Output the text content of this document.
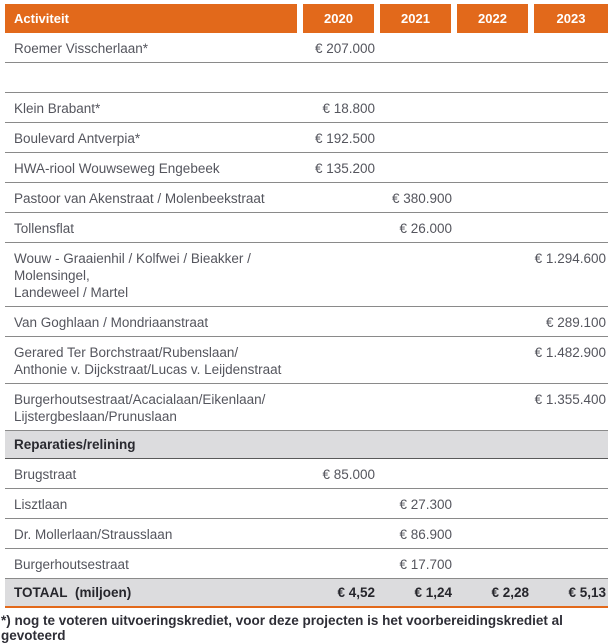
Activiteit	2020	2021	2022	2023
Roemer Visscherlaan*	€ 207.000			

Klein Brabant*	€ 18.800			
Boulevard Antverpia*	€ 192.500			
HWA-riool Wouwseweg Engebeek	€ 135.200			
Pastoor van Akenstraat / Molenbeekstraat		€ 380.900		
Tollensflat		€ 26.000		
Wouw - Graaienhil / Kolfwei / Bieakker / Molensingel,
Landeweel / Martel				€ 1.294.600
Van Goghlaan / Mondriaanstraat				€ 289.100
Gerared Ter Borchstraat/Rubenslaan/
Anthonie v. Dijckstraat/Lucas v. Leijdenstraat				€ 1.482.900
Burgerhoutsestraat/Acacialaan/Eikenlaan/
Lijstergbeslaan/Prunuslaan				€ 1.355.400
Reparaties/relining				
Brugstraat	€ 85.000			
Lisztlaan		€ 27.300		
Dr. Mollerlaan/Strausslaan		€ 86.900		
Burgerhoutsestraat		€ 17.700		
TOTAAL  (miljoen)	€ 4,52	€ 1,24	€ 2,28	€ 5,13
*) nog te voteren uitvoeringskrediet, voor deze projecten is het voorbereidingskrediet al gevoteerd
